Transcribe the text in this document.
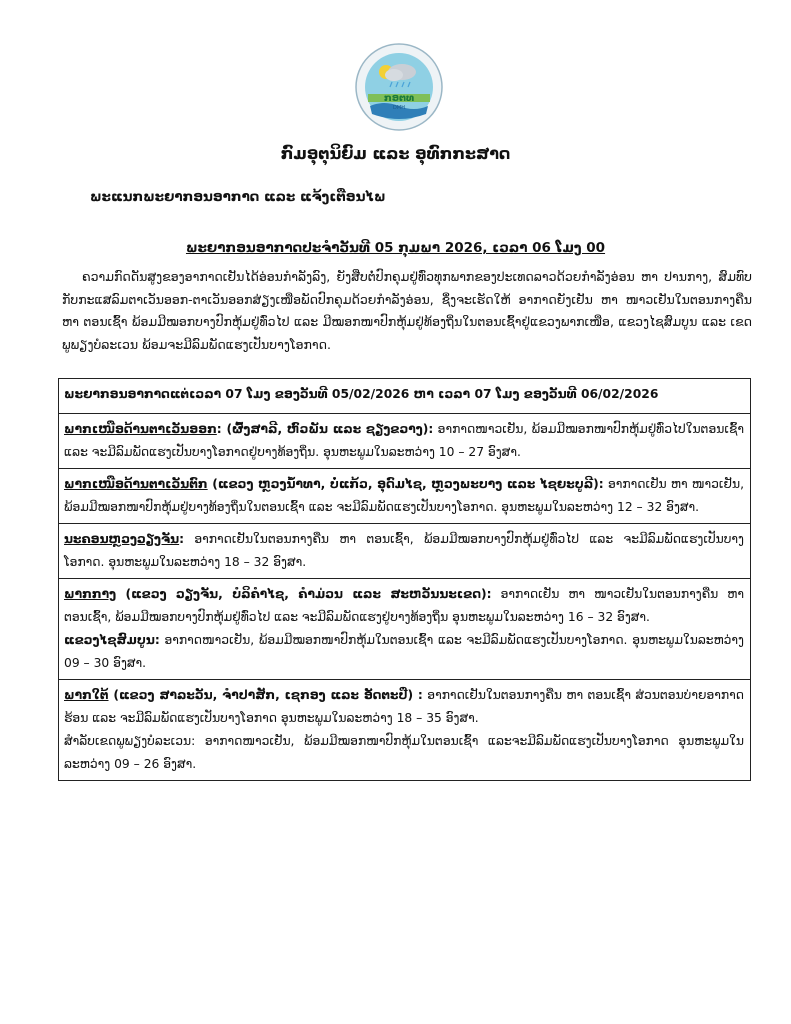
ກອຕທ
DMH
ກົມອຸຕຸນິຍົມ ແລະ ອຸທົກກະສາດ
ພະແນກພະຍາກອນອາກາດ ແລະ ແຈ້ງເຕືອນໄພ
ພະຍາກອນອາກາດປະຈຳວັນທີ 05 ກຸມພາ 2026, ເວລາ 06 ໂມງ 00
ຄວາມກົດດັນສູງຂອງອາກາດເຢັນໄດ້ອ່ອນກຳລັງລົງ, ຍັງສືບຕໍ່ປົກຄຸມຢູ່ທົ່ວທຸກພາກຂອງປະເທດລາວດ້ວຍກຳລັງອ່ອນ ຫາ ປານກາງ, ສົມທົບກັບກະແສລົມຕາເວັນອອກ-ຕາເວັນອອກສ່ຽງເໜືອພັດປົກຄຸມດ້ວຍກຳລັງອ່ອນ, ຊຶ່ງຈະເຮັດໃຫ້ ອາກາດຍັງເຢັນ ຫາ ໜາວເຢັນໃນຕອນກາງຄືນ ຫາ ຕອນເຊົ້າ ພ້ອມມີໝອກບາງປົກຫຸ້ມຢູ່ທົ່ວໄປ ແລະ ມີໝອກໜາປົກຫຸ້ມຢູ່ທ້ອງຖິ່ນໃນຕອນເຊົ້າຢູ່ແຂວງພາກເໜືອ, ແຂວງໄຊສົມບູນ ແລະ ເຂດພູພຽງບໍລະເວນ ພ້ອມຈະມີລົມພັດແຮງເປັນບາງໂອກາດ.
ພະຍາກອນອາກາດແຕ່ເວລາ 07 ໂມງ ຂອງວັນທີ 05/02/2026 ຫາ ເວລາ 07 ໂມງ ຂອງວັນທີ 06/02/2026
ພາກເໜືອດ້ານຕາເວັນອອກ: (ຜົ້ງສາລີ, ຫົວພັນ ແລະ ຊຽງຂວາງ): ອາກາດໜາວເຢັນ, ພ້ອມມີໝອກໜາປົກຫຸ້ມຢູ່ທົ່ວໄປໃນຕອນເຊົ້າ ແລະ ຈະມີລົມພັດແຮງເປັນບາງໂອກາດຢູ່ບາງທ້ອງຖິ່ນ. ອຸນຫະພູມໃນລະຫວ່າງ 10 – 27 ອົງສາ.
ພາກເໜືອດ້ານຕາເວັນຕົກ (ແຂວງ ຫຼວງນ້ຳທາ, ບໍ່ແກ້ວ, ອຸດົມໄຊ, ຫຼວງພະບາງ ແລະ ໄຊຍະບູລີ): ອາກາດເຢັນ ຫາ ໜາວເຢັນ, ພ້ອມມີໝອກໜາປົກຫຸ້ມຢູ່ບາງທ້ອງຖິ່ນໃນຕອນເຊົ້າ ແລະ ຈະມີລົມພັດແຮງເປັນບາງໂອກາດ. ອຸນຫະພູມໃນລະຫວ່າງ 12 – 32 ອົງສາ.
ນະຄອນຫຼວງວຽງຈັນ: ອາກາດເຢັນໃນຕອນກາງຄືນ ຫາ ຕອນເຊົ້າ, ພ້ອມມີໝອກບາງປົກຫຸ້ມຢູ່ທົ່ວໄປ ແລະ ຈະມີລົມພັດແຮງເປັນບາງໂອກາດ. ອຸນຫະພູມໃນລະຫວ່າງ 18 – 32 ອົງສາ.
ພາກກາງ (ແຂວງ ວຽງຈັນ, ບໍລິຄຳໄຊ, ຄຳມ່ວນ ແລະ ສະຫວັນນະເຂດ): ອາກາດເຢັນ ຫາ ໜາວເຢັນໃນຕອນກາງຄືນ ຫາ ຕອນເຊົ້າ, ພ້ອມມີໝອກບາງປົກຫຸ້ມຢູ່ທົ່ວໄປ ແລະ ຈະມີລົມພັດແຮງຢູ່ບາງທ້ອງຖິ່ນ ອຸນຫະພູມໃນລະຫວ່າງ 16 – 32 ອົງສາ.
ແຂວງໄຊສົມບູນ: ອາກາດໜາວເຢັນ, ພ້ອມມີໝອກໜາປົກຫຸ້ມໃນຕອນເຊົ້າ ແລະ ຈະມີລົມພັດແຮງເປັນບາງໂອກາດ. ອຸນຫະພູມໃນລະຫວ່າງ 09 – 30 ອົງສາ.
ພາກໃຕ້ (ແຂວງ ສາລະວັນ, ຈຳປາສັກ, ເຊກອງ ແລະ ອັດຕະປື) : ອາກາດເຢັນໃນຕອນກາງຄືນ ຫາ ຕອນເຊົ້າ ສ່ວນຕອນບ່າຍອາກາດຮ້ອນ ແລະ ຈະມີລົມພັດແຮງເປັນບາງໂອກາດ ອຸນຫະພູມໃນລະຫວ່າງ 18 – 35 ອົງສາ.
ສຳລັບເຂດພູພຽງບໍລະເວນ: ອາກາດໜາວເຢັນ, ພ້ອມມີໝອກໜາປົກຫຸ້ມໃນຕອນເຊົ້າ ແລະຈະມີລົມພັດແຮງເປັນບາງໂອກາດ ອຸນຫະພູມໃນລະຫວ່າງ 09 – 26 ອົງສາ.
